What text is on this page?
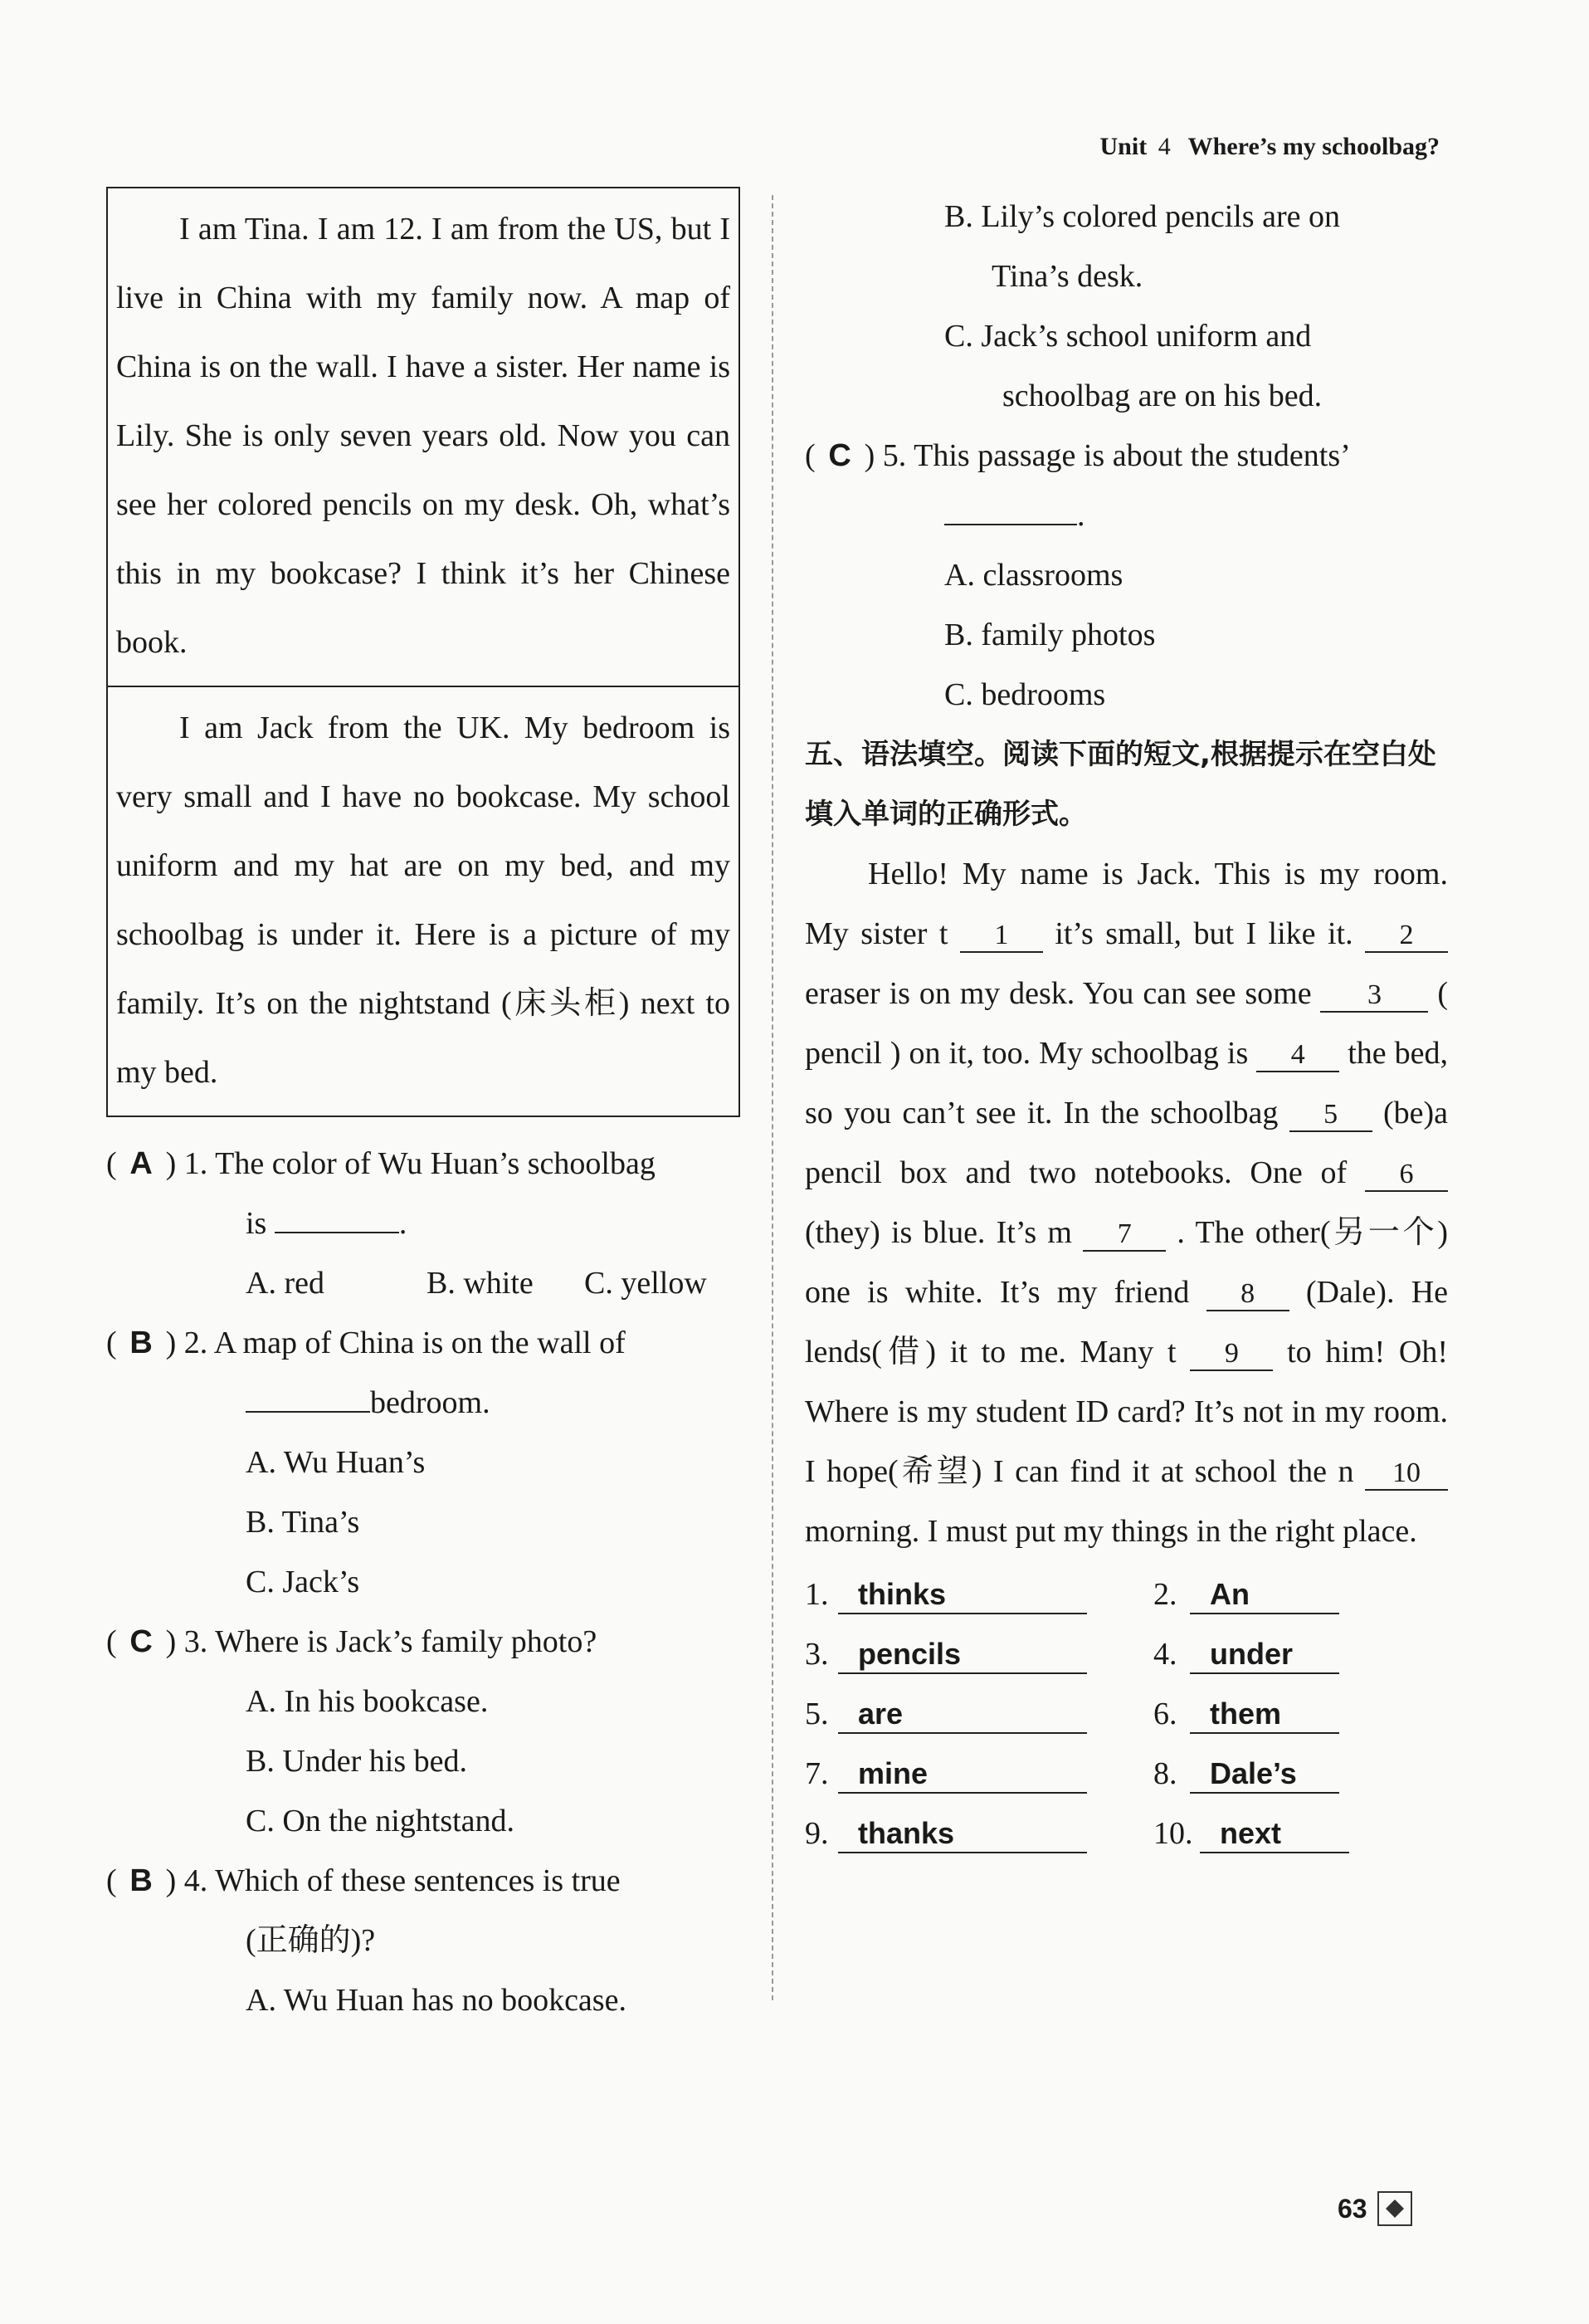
Unit 4 Where’s my schoolbag?
I am Tina. I am 12. I am from the US, but I live in China with my family now. A map of China is on the wall. I have a sister. Her name is Lily. She is only seven years old. Now you can see her colored pencils on my desk. Oh, what’s this in my bookcase? I think it’s her Chinese book.
I am Jack from the UK. My bedroom is very small and I have no bookcase. My school uniform and my hat are on my bed, and my schoolbag is under it. Here is a picture of my family. It’s on the nightstand (床头柜) next to my bed.
( A ) 1. The color of Wu Huan’s schoolbag
is	.
A. red	B. white	C. yellow
( B ) 2. A map of China is on the wall of
bedroom.
A. Wu Huan’s
B. Tina’s
C. Jack’s
( C ) 3. Where is Jack’s family photo?
A. In his bookcase.
B. Under his bed.
C. On the nightstand.
( B ) 4. Which of these sentences is true
(正确的)?
A. Wu Huan has no bookcase.
B. Lily’s colored pencils are on
Tina’s desk.
C. Jack’s school uniform and
schoolbag are on his bed.
( C ) 5. This passage is about the students’
.
A. classrooms
B. family photos
C. bedrooms
五、语法填空。阅读下面的短文,根据提示在空白处填入单词的正确形式。
Hello! My name is Jack. This is my room. My sister t 1 it’s small, but I like it. 2 eraser is on my desk. You can see some 3 ( pencil ) on it, too. My schoolbag is 4 the bed, so you can’t see it. In the schoolbag 5 (be)a pencil box and two notebooks. One of 6 (they) is blue. It’s m 7 . The other(另一个) one is white. It’s my friend 8 (Dale). He lends(借) it to me. Many t 9 to him! Oh! Where is my student ID card? It’s not in my room. I hope(希望) I can find it at school the n 10 morning. I must put my things in the right place.
1. thinks	2.	An
3. pencils	4.	under
5. are	6.	them
7. mine	8.	Dale’s
9. thanks	10. next
63
